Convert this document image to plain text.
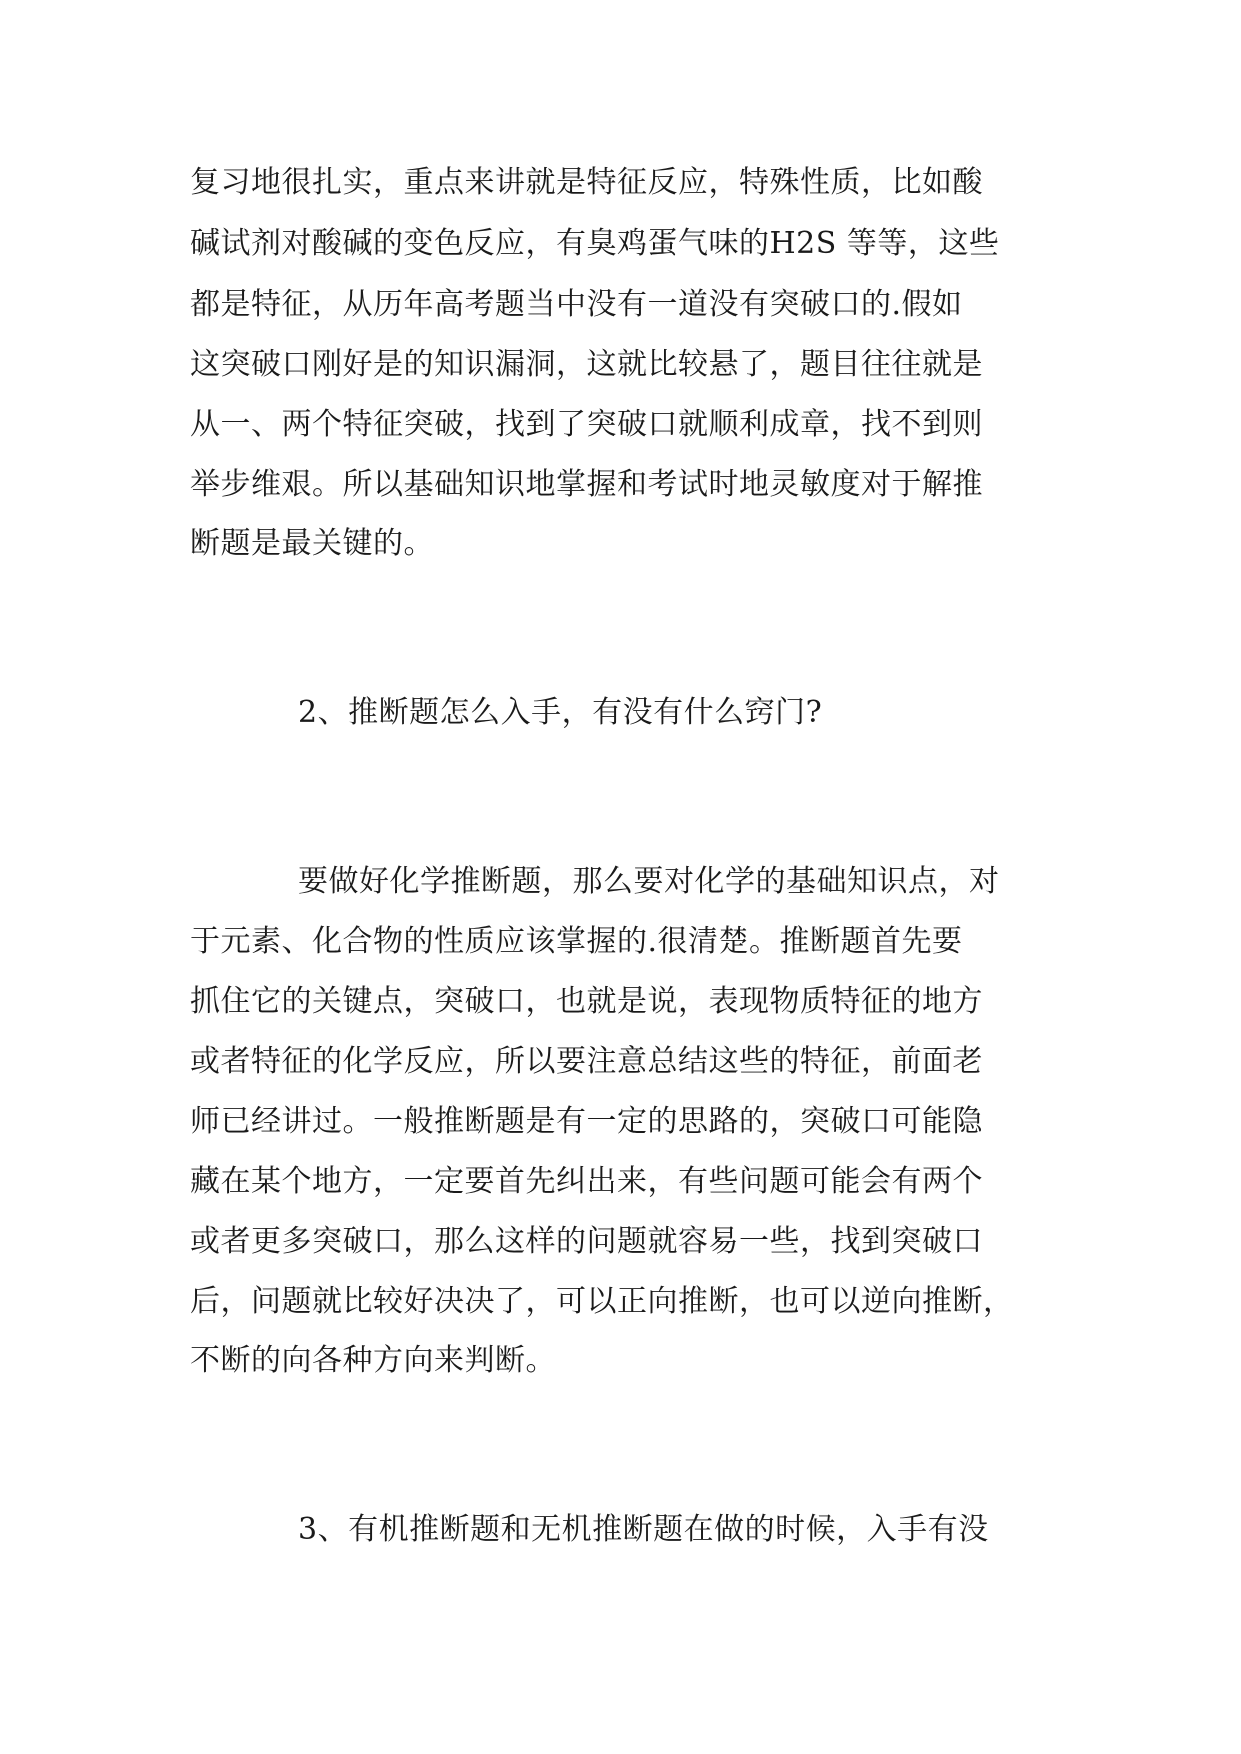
复习地很扎实，重点来讲就是特征反应，特殊性质，比如酸
碱试剂对酸碱的变色反应，有臭鸡蛋气味的H2S 等等，这些
都是特征，从历年高考题当中没有一道没有突破口的.假如
这突破口刚好是的知识漏洞，这就比较悬了，题目往往就是
从一、两个特征突破，找到了突破口就顺利成章，找不到则
举步维艰。所以基础知识地掌握和考试时地灵敏度对于解推
断题是最关键的。
2、推断题怎么入手，有没有什么窍门?
要做好化学推断题，那么要对化学的基础知识点，对
于元素、化合物的性质应该掌握的.很清楚。推断题首先要
抓住它的关键点，突破口，也就是说，表现物质特征的地方
或者特征的化学反应，所以要注意总结这些的特征，前面老
师已经讲过。一般推断题是有一定的思路的，突破口可能隐
藏在某个地方，一定要首先纠出来，有些问题可能会有两个
或者更多突破口，那么这样的问题就容易一些，找到突破口
后，问题就比较好决决了，可以正向推断，也可以逆向推断，
不断的向各种方向来判断。
3、有机推断题和无机推断题在做的时候，入手有没
